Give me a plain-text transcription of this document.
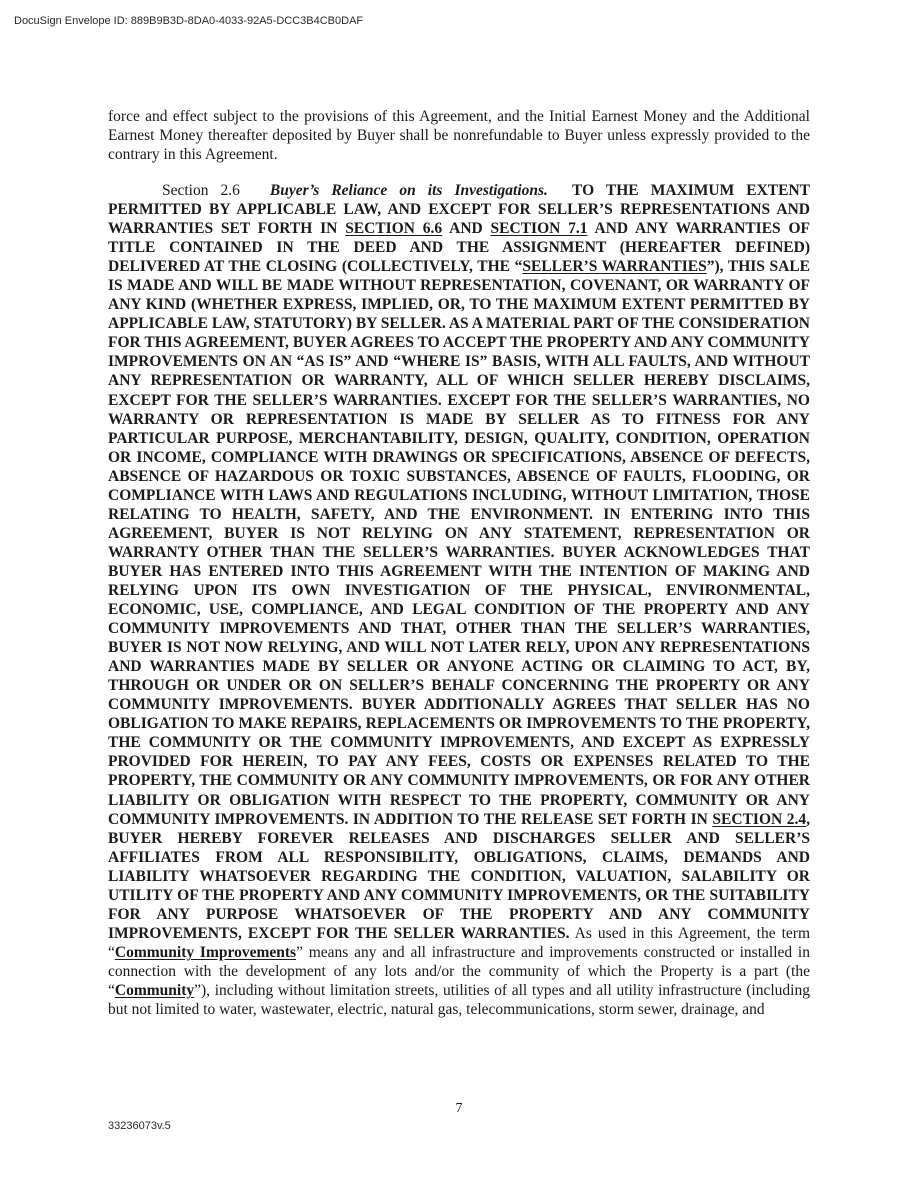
DocuSign Envelope ID: 889B9B3D-8DA0-4033-92A5-DCC3B4CB0DAF

force and effect subject to the provisions of this Agreement, and the Initial Earnest Money and the Additional Earnest Money thereafter deposited by Buyer shall be nonrefundable to Buyer unless expressly provided to the contrary in this Agreement.

Section 2.6 Buyer’s Reliance on its Investigations. TO THE MAXIMUM EXTENT PERMITTED BY APPLICABLE LAW, AND EXCEPT FOR SELLER’S REPRESENTATIONS AND WARRANTIES SET FORTH IN SECTION 6.6 AND SECTION 7.1 AND ANY WARRANTIES OF TITLE CONTAINED IN THE DEED AND THE ASSIGNMENT (HEREAFTER DEFINED) DELIVERED AT THE CLOSING (COLLECTIVELY, THE “SELLER’S WARRANTIES”), THIS SALE IS MADE AND WILL BE MADE WITHOUT REPRESENTATION, COVENANT, OR WARRANTY OF ANY KIND (WHETHER EXPRESS, IMPLIED, OR, TO THE MAXIMUM EXTENT PERMITTED BY APPLICABLE LAW, STATUTORY) BY SELLER. AS A MATERIAL PART OF THE CONSIDERATION FOR THIS AGREEMENT, BUYER AGREES TO ACCEPT THE PROPERTY AND ANY COMMUNITY IMPROVEMENTS ON AN “AS IS” AND “WHERE IS” BASIS, WITH ALL FAULTS, AND WITHOUT ANY REPRESENTATION OR WARRANTY, ALL OF WHICH SELLER HEREBY DISCLAIMS, EXCEPT FOR THE SELLER’S WARRANTIES. EXCEPT FOR THE SELLER’S WARRANTIES, NO WARRANTY OR REPRESENTATION IS MADE BY SELLER AS TO FITNESS FOR ANY PARTICULAR PURPOSE, MERCHANTABILITY, DESIGN, QUALITY, CONDITION, OPERATION OR INCOME, COMPLIANCE WITH DRAWINGS OR SPECIFICATIONS, ABSENCE OF DEFECTS, ABSENCE OF HAZARDOUS OR TOXIC SUBSTANCES, ABSENCE OF FAULTS, FLOODING, OR COMPLIANCE WITH LAWS AND REGULATIONS INCLUDING, WITHOUT LIMITATION, THOSE RELATING TO HEALTH, SAFETY, AND THE ENVIRONMENT. IN ENTERING INTO THIS AGREEMENT, BUYER IS NOT RELYING ON ANY STATEMENT, REPRESENTATION OR WARRANTY OTHER THAN THE SELLER’S WARRANTIES. BUYER ACKNOWLEDGES THAT BUYER HAS ENTERED INTO THIS AGREEMENT WITH THE INTENTION OF MAKING AND RELYING UPON ITS OWN INVESTIGATION OF THE PHYSICAL, ENVIRONMENTAL, ECONOMIC, USE, COMPLIANCE, AND LEGAL CONDITION OF THE PROPERTY AND ANY COMMUNITY IMPROVEMENTS AND THAT, OTHER THAN THE SELLER’S WARRANTIES, BUYER IS NOT NOW RELYING, AND WILL NOT LATER RELY, UPON ANY REPRESENTATIONS AND WARRANTIES MADE BY SELLER OR ANYONE ACTING OR CLAIMING TO ACT, BY, THROUGH OR UNDER OR ON SELLER’S BEHALF CONCERNING THE PROPERTY OR ANY COMMUNITY IMPROVEMENTS. BUYER ADDITIONALLY AGREES THAT SELLER HAS NO OBLIGATION TO MAKE REPAIRS, REPLACEMENTS OR IMPROVEMENTS TO THE PROPERTY, THE COMMUNITY OR THE COMMUNITY IMPROVEMENTS, AND EXCEPT AS EXPRESSLY PROVIDED FOR HEREIN, TO PAY ANY FEES, COSTS OR EXPENSES RELATED TO THE PROPERTY, THE COMMUNITY OR ANY COMMUNITY IMPROVEMENTS, OR FOR ANY OTHER LIABILITY OR OBLIGATION WITH RESPECT TO THE PROPERTY, COMMUNITY OR ANY COMMUNITY IMPROVEMENTS. IN ADDITION TO THE RELEASE SET FORTH IN SECTION 2.4, BUYER HEREBY FOREVER RELEASES AND DISCHARGES SELLER AND SELLER’S AFFILIATES FROM ALL RESPONSIBILITY, OBLIGATIONS, CLAIMS, DEMANDS AND LIABILITY WHATSOEVER REGARDING THE CONDITION, VALUATION, SALABILITY OR UTILITY OF THE PROPERTY AND ANY COMMUNITY IMPROVEMENTS, OR THE SUITABILITY FOR ANY PURPOSE WHATSOEVER OF THE PROPERTY AND ANY COMMUNITY IMPROVEMENTS, EXCEPT FOR THE SELLER WARRANTIES. As used in this Agreement, the term “Community Improvements” means any and all infrastructure and improvements constructed or installed in connection with the development of any lots and/or the community of which the Property is a part (the “Community”), including without limitation streets, utilities of all types and all utility infrastructure (including but not limited to water, wastewater, electric, natural gas, telecommunications, storm sewer, drainage, and

7
33236073v.5
